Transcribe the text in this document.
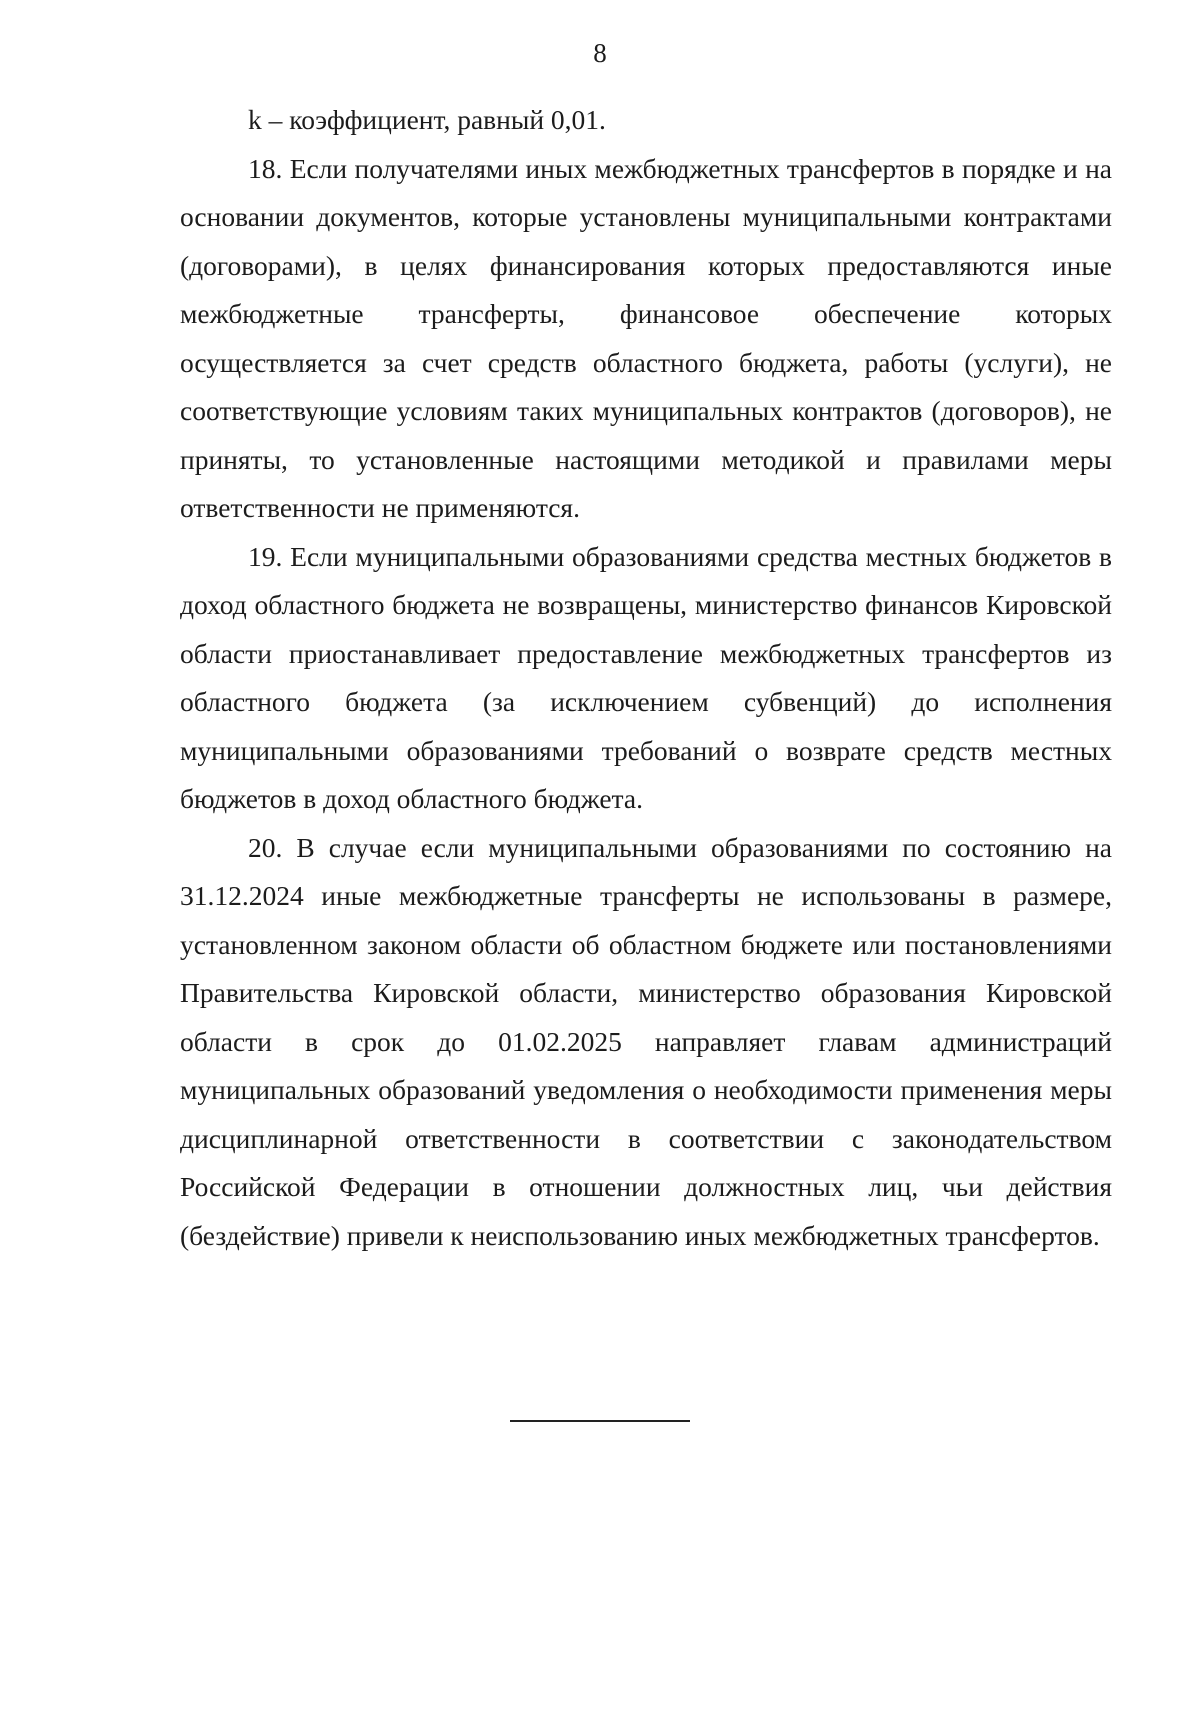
8

k – коэффициент, равный 0,01.

18. Если получателями иных межбюджетных трансфертов в порядке и на основании документов, которые установлены муниципальными контрактами (договорами), в целях финансирования которых предоставляются иные межбюджетные трансферты, финансовое обеспечение которых осуществляется за счет средств областного бюджета, работы (услуги), не соответствующие условиям таких муниципальных контрактов (договоров), не приняты, то установленные настоящими методикой и правилами меры ответственности не применяются.

19. Если муниципальными образованиями средства местных бюджетов в доход областного бюджета не возвращены, министерство финансов Кировской области приостанавливает предоставление межбюджетных трансфертов из областного бюджета (за исключением субвенций) до исполнения муниципальными образованиями требований о возврате средств местных бюджетов в доход областного бюджета.

20. В случае если муниципальными образованиями по состоянию на 31.12.2024 иные межбюджетные трансферты не использованы в размере, установленном законом области об областном бюджете или постановлениями Правительства Кировской области, министерство образования Кировской области в срок до 01.02.2025 направляет главам администраций муниципальных образований уведомления о необходимости применения меры дисциплинарной ответственности в соответствии с законодательством Российской Федерации в отношении должностных лиц, чьи действия (бездействие) привели к неиспользованию иных межбюджетных трансфертов.
